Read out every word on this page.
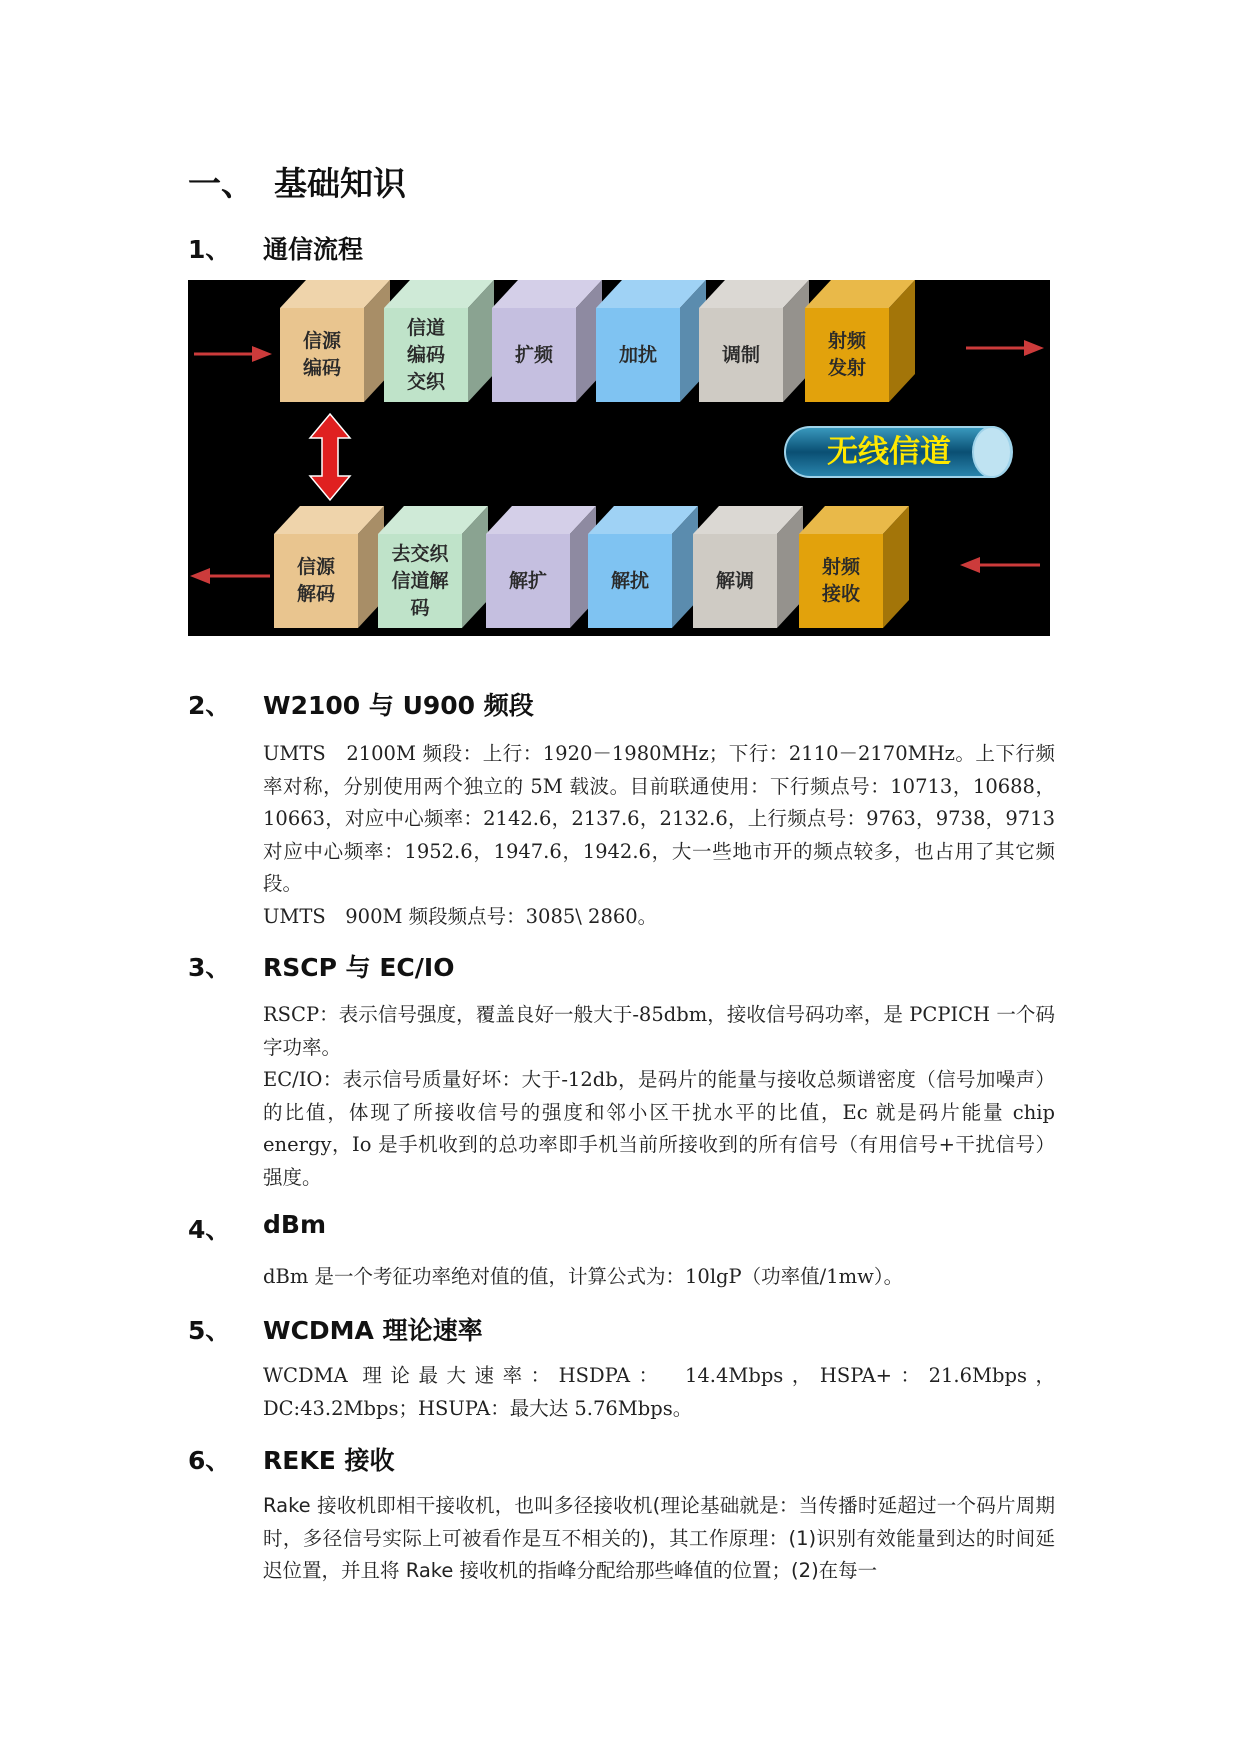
一、 基础知识
1、 通信流程
无线信道
信源
编码
信道
编码
交织
扩频	加扰	调制
射频
发射
信源
解码
去交织
信道解
码
解扩	解扰	解调
射频
接收
2、 W2100 与 U900 频段

UMTS　2100M 频段：上行：1920－1980MHz；下行：2110－2170MHz。上下行频率对称，分别使用两个独立的 5M 载波。目前联通使用：下行频点号：10713，10688，10663，对应中心频率：2142.6，2137.6，2132.6，上行频点号：9763，9738，9713 对应中心频率：1952.6，1947.6，1942.6，大一些地市开的频点较多，也占用了其它频段。

UMTS　900M 频段频点号：3085\ 2860。

3、 RSCP 与 EC/IO

RSCP：表示信号强度，覆盖良好一般大于-85dbm，接收信号码功率，是 PCPICH 一个码字功率。

EC/IO：表示信号质量好坏：大于-12db，是码片的能量与接收总频谱密度（信号加噪声）的比值，体现了所接收信号的强度和邻小区干扰水平的比值，Ec 就是码片能量 chip energy，Io 是手机收到的总功率即手机当前所接收到的所有信号（有用信号+干扰信号）强度。

4、 dBm

dBm 是一个考征功率绝对值的值，计算公式为：10lgP（功率值/1mw）。

5、 WCDMA 理论速率

WCDMA 理论最大速率：HSDPA：　14.4Mbps，HSPA+：21.6Mbps，DC:43.2Mbps；HSUPA：最大达 5.76Mbps。

6、 REKE 接收

Rake 接收机即相干接收机，也叫多径接收机(理论基础就是：当传播时延超过一个码片周期时，多径信号实际上可被看作是互不相关的)，其工作原理：(1)识别有效能量到达的时间延迟位置，并且将 Rake 接收机的指峰分配给那些峰值的位置；(2)在每一
